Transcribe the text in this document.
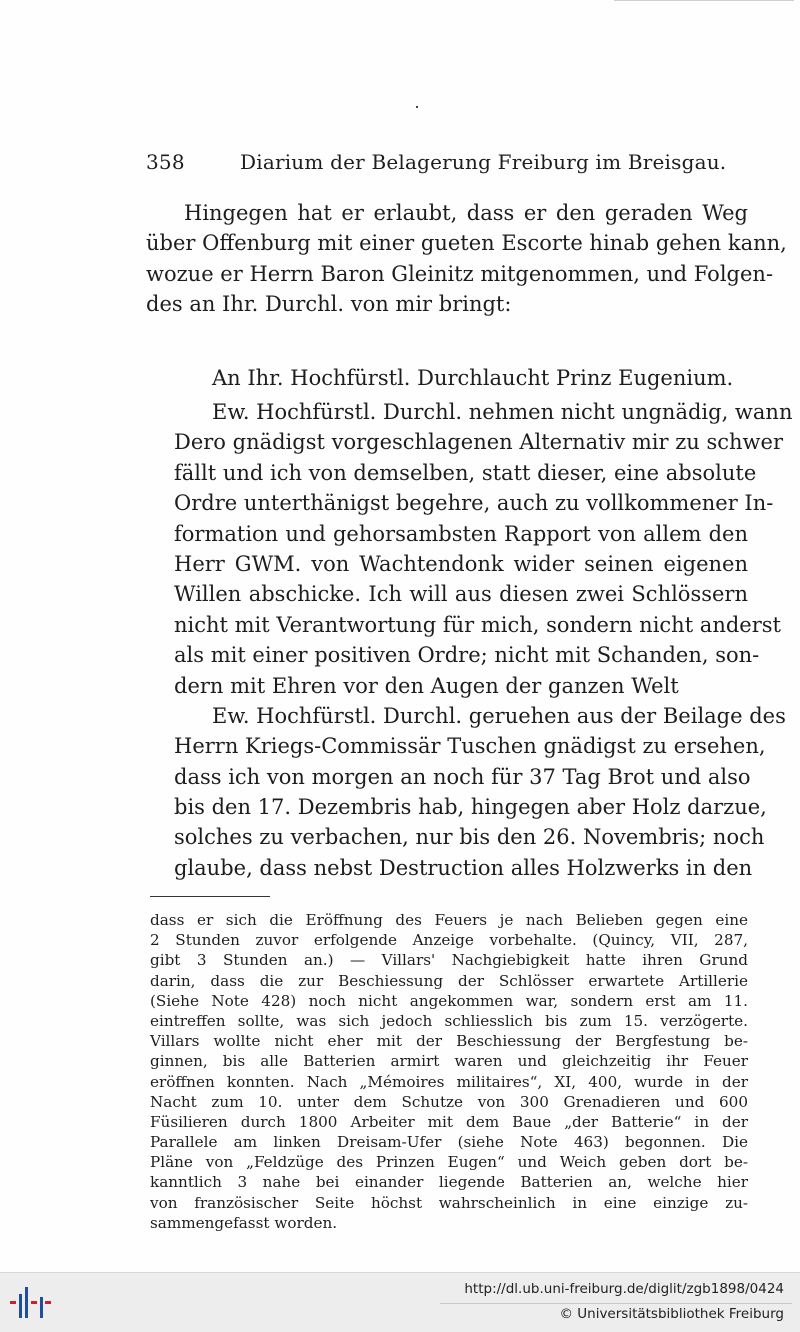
358	Diarium der Belagerung Freiburg im Breisgau.
Hingegen hat er erlaubt, dass er den geraden Weg
über Offenburg mit einer gueten Escorte hinab gehen kann,
wozue er Herrn Baron Gleinitz mitgenommen, und Folgen-
des an Ihr. Durchl. von mir bringt:
An Ihr. Hochfürstl. Durchlaucht Prinz Eugenium.
Ew. Hochfürstl. Durchl. nehmen nicht ungnädig, wann
Dero gnädigst vorgeschlagenen Alternativ mir zu schwer
fällt und ich von demselben, statt dieser, eine absolute
Ordre unterthänigst begehre, auch zu vollkommener In-
formation und gehorsambsten Rapport von allem den
Herr GWM. von Wachtendonk wider seinen eigenen
Willen abschicke. Ich will aus diesen zwei Schlössern
nicht mit Verantwortung für mich, sondern nicht anderst
als mit einer positiven Ordre; nicht mit Schanden, son-
dern mit Ehren vor den Augen der ganzen Welt
Ew. Hochfürstl. Durchl. geruehen aus der Beilage des
Herrn Kriegs-Commissär Tuschen gnädigst zu ersehen,
dass ich von morgen an noch für 37 Tag Brot und also
bis den 17. Dezembris hab, hingegen aber Holz darzue,
solches zu verbachen, nur bis den 26. Novembris; noch
glaube, dass nebst Destruction alles Holzwerks in den
dass er sich die Eröffnung des Feuers je nach Belieben gegen eine
2 Stunden zuvor erfolgende Anzeige vorbehalte. (Quincy, VII, 287,
gibt 3 Stunden an.) — Villars' Nachgiebigkeit hatte ihren Grund
darin, dass die zur Beschiessung der Schlösser erwartete Artillerie
(Siehe Note 428) noch nicht angekommen war, sondern erst am 11.
eintreffen sollte, was sich jedoch schliesslich bis zum 15. verzögerte.
Villars wollte nicht eher mit der Beschiessung der Bergfestung be-
ginnen, bis alle Batterien armirt waren und gleichzeitig ihr Feuer
eröffnen konnten. Nach „Mémoires militaires“, XI, 400, wurde in der
Nacht zum 10. unter dem Schutze von 300 Grenadieren und 600
Füsilieren durch 1800 Arbeiter mit dem Baue „der Batterie“ in der
Parallele am linken Dreisam-Ufer (siehe Note 463) begonnen. Die
Pläne von „Feldzüge des Prinzen Eugen“ und Weich geben dort be-
kanntlich 3 nahe bei einander liegende Batterien an, welche hier
von französischer Seite höchst wahrscheinlich in eine einzige zu-
sammengefasst worden.
http://dl.ub.uni-freiburg.de/diglit/zgb1898/0424
© Universitätsbibliothek Freiburg
